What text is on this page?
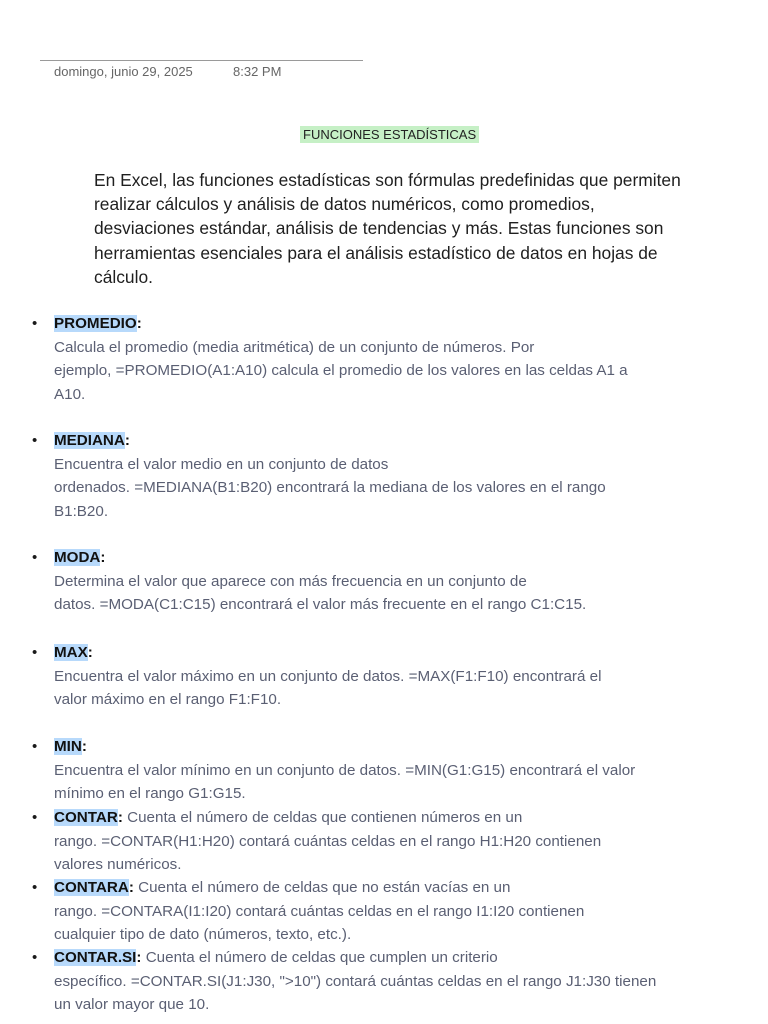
domingo, junio 29, 2025	8:32 PM
FUNCIONES ESTADÍSTICAS

En Excel, las funciones estadísticas son fórmulas predefinidas que permiten realizar cálculos y análisis de datos numéricos, como promedios, desviaciones estándar, análisis de tendencias y más. Estas funciones son herramientas esenciales para el análisis estadístico de datos en hojas de cálculo.

• PROMEDIO:
Calcula el promedio (media aritmética) de un conjunto de números. Por
ejemplo, =PROMEDIO(A1:A10) calcula el promedio de los valores en las celdas A1 a
A10.
• MEDIANA:
Encuentra el valor medio en un conjunto de datos
ordenados. =MEDIANA(B1:B20) encontrará la mediana de los valores en el rango
B1:B20.
• MODA:
Determina el valor que aparece con más frecuencia en un conjunto de
datos. =MODA(C1:C15) encontrará el valor más frecuente en el rango C1:C15.
• MAX:
Encuentra el valor máximo en un conjunto de datos. =MAX(F1:F10) encontrará el
valor máximo en el rango F1:F10.
• MIN:
Encuentra el valor mínimo en un conjunto de datos. =MIN(G1:G15) encontrará el valor
mínimo en el rango G1:G15.
• CONTAR: Cuenta el número de celdas que contienen números en un
rango. =CONTAR(H1:H20) contará cuántas celdas en el rango H1:H20 contienen
valores numéricos.
• CONTARA: Cuenta el número de celdas que no están vacías en un
rango. =CONTARA(I1:I20) contará cuántas celdas en el rango I1:I20 contienen
cualquier tipo de dato (números, texto, etc.).
• CONTAR.SI: Cuenta el número de celdas que cumplen un criterio
específico. =CONTAR.SI(J1:J30, ">10") contará cuántas celdas en el rango J1:J30 tienen
un valor mayor que 10.
